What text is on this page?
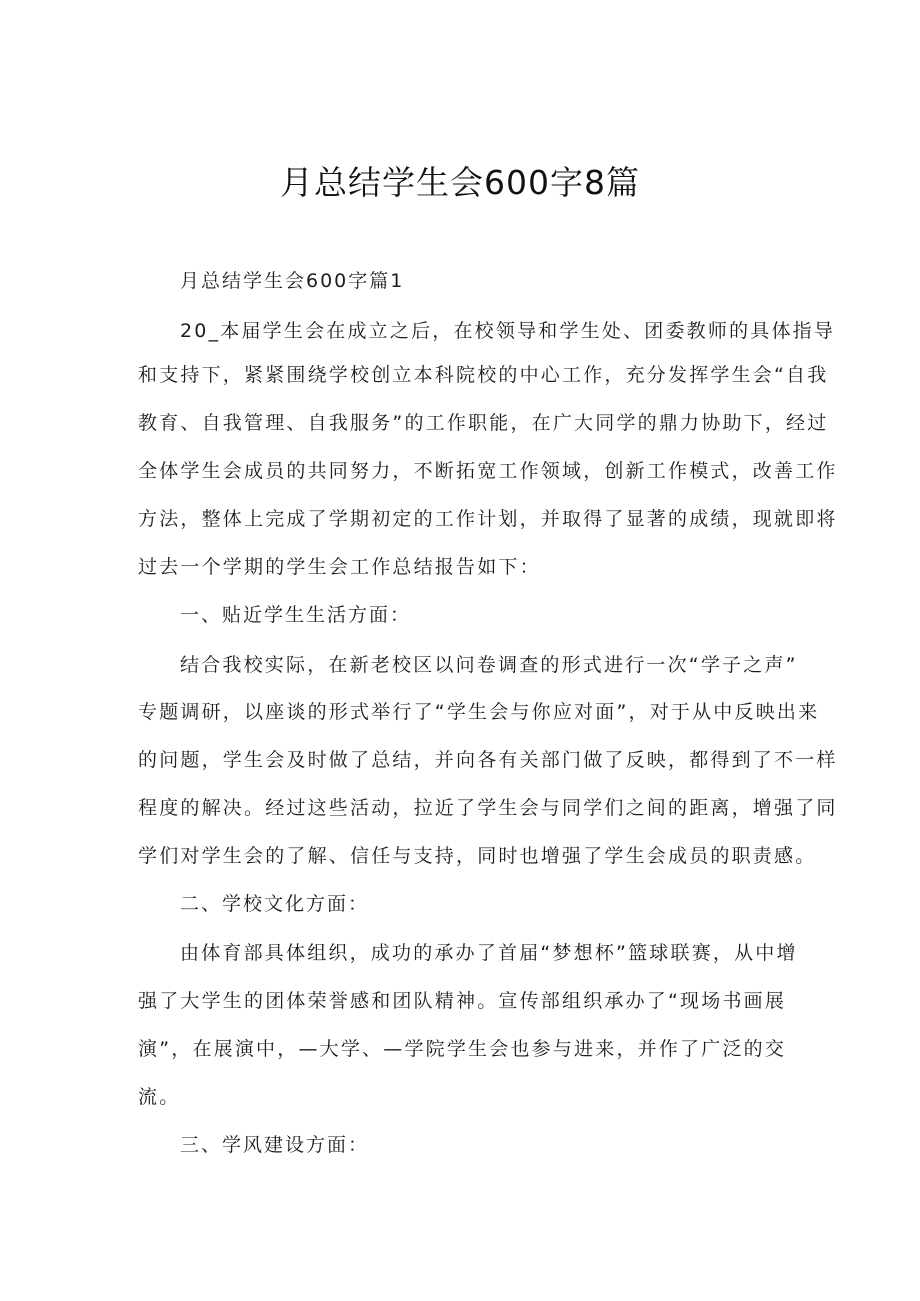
月总结学生会600字8篇
月总结学生会600字篇1
20_本届学生会在成立之后，在校领导和学生处、团委教师的具体指导
和支持下，紧紧围绕学校创立本科院校的中心工作，充分发挥学生会“自我
教育、自我管理、自我服务”的工作职能，在广大同学的鼎力协助下，经过
全体学生会成员的共同努力，不断拓宽工作领域，创新工作模式，改善工作
方法，整体上完成了学期初定的工作计划，并取得了显著的成绩，现就即将
过去一个学期的学生会工作总结报告如下：
一、贴近学生生活方面：
结合我校实际，在新老校区以问卷调查的形式进行一次“学子之声”
专题调研，以座谈的形式举行了“学生会与你应对面”，对于从中反映出来
的问题，学生会及时做了总结，并向各有关部门做了反映，都得到了不一样
程度的解决。经过这些活动，拉近了学生会与同学们之间的距离，增强了同
学们对学生会的了解、信任与支持，同时也增强了学生会成员的职责感。
二、学校文化方面：
由体育部具体组织，成功的承办了首届“梦想杯”篮球联赛，从中增
强了大学生的团体荣誉感和团队精神。宣传部组织承办了“现场书画展
演”，在展演中，—大学、—学院学生会也参与进来，并作了广泛的交
流。
三、学风建设方面：
